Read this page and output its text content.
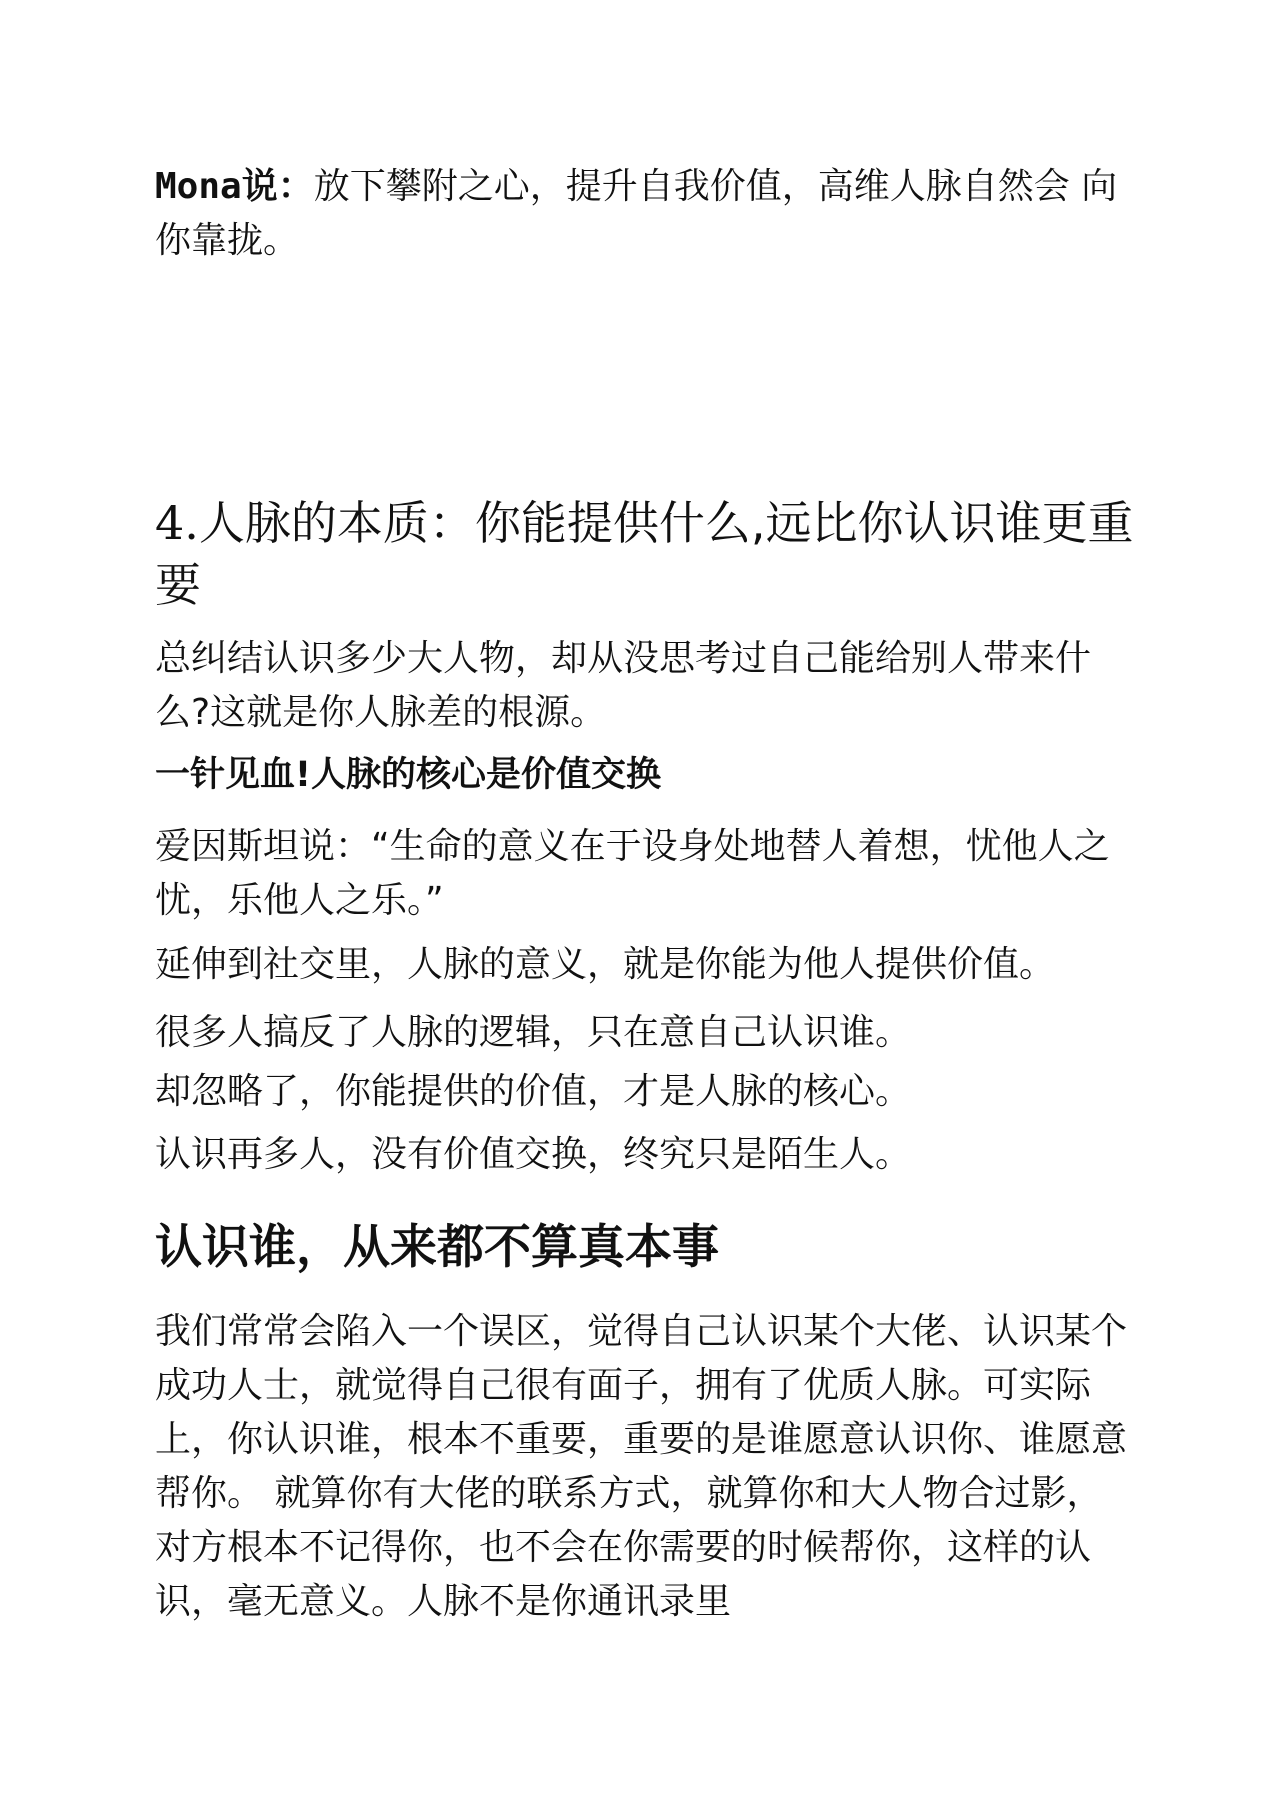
Mona说：放下攀附之心，提升自我价值，高维人脉自然会 向你靠拢。

4.人脉的本质：你能提供什么,远比你认识谁更重要

总纠结认识多少大人物，却从没思考过自己能给别人带来什么?这就是你人脉差的根源。

一针见血!人脉的核心是价值交换

爱因斯坦说：“生命的意义在于设身处地替人着想，忧他人之忧，乐他人之乐。”

延伸到社交里，人脉的意义，就是你能为他人提供价值。

很多人搞反了人脉的逻辑，只在意自己认识谁。

却忽略了，你能提供的价值，才是人脉的核心。

认识再多人，没有价值交换，终究只是陌生人。

认识谁，从来都不算真本事

我们常常会陷入一个误区，觉得自己认识某个大佬、认识某个成功人士，就觉得自己很有面子，拥有了优质人脉。可实际上，你认识谁，根本不重要，重要的是谁愿意认识你、谁愿意帮你。 就算你有大佬的联系方式，就算你和大人物合过影，对方根本不记得你，也不会在你需要的时候帮你，这样的认识，毫无意义。人脉不是你通讯录里
